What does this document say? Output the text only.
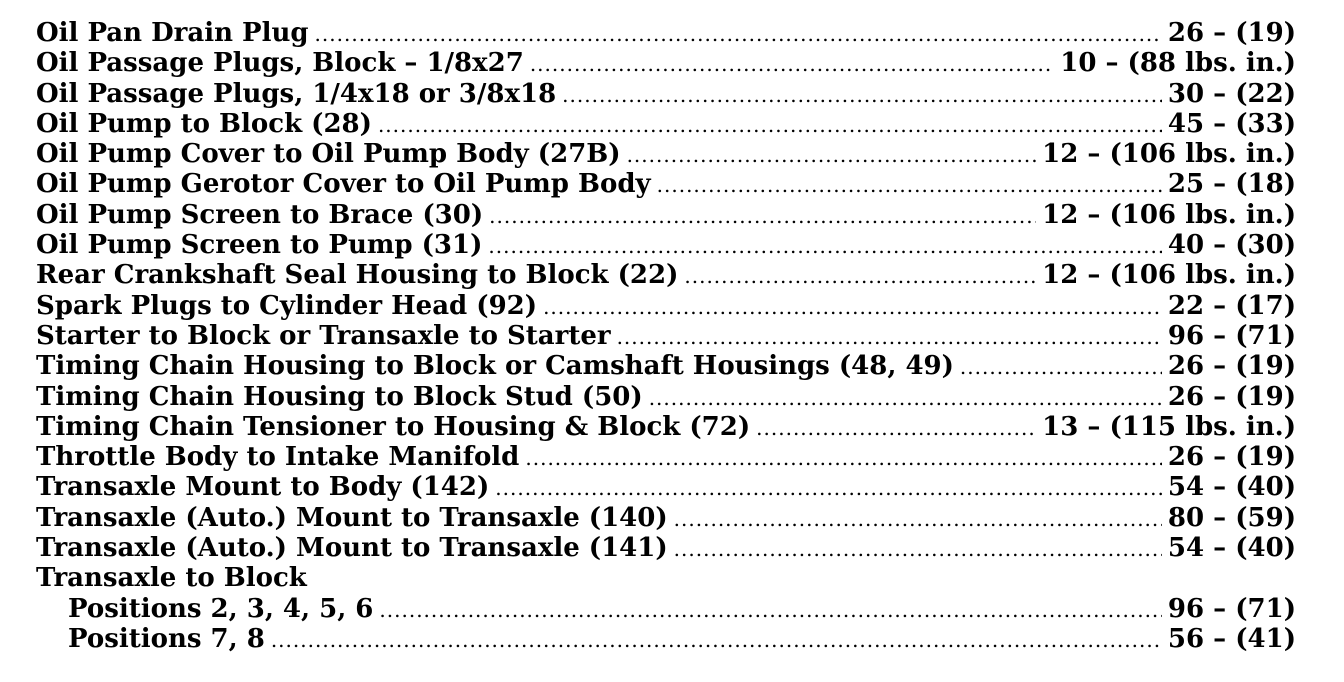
Oil Pan Drain Plug .....	26 – (19)
Oil Passage Plugs, Block – 1/8x27 .....	10 – (88 lbs. in.)
Oil Passage Plugs, 1/4x18 or 3/8x18 .....	30 – (22)
Oil Pump to Block (28) .....	45 – (33)
Oil Pump Cover to Oil Pump Body (27B) .....	12 – (106 lbs. in.)
Oil Pump Gerotor Cover to Oil Pump Body .....	25 – (18)
Oil Pump Screen to Brace (30) .....	12 – (106 lbs. in.)
Oil Pump Screen to Pump (31) .....	40 – (30)
Rear Crankshaft Seal Housing to Block (22) .....	12 – (106 lbs. in.)
Spark Plugs to Cylinder Head (92) .....	22 – (17)
Starter to Block or Transaxle to Starter .....	96 – (71)
Timing Chain Housing to Block or Camshaft Housings (48, 49) .....	26 – (19)
Timing Chain Housing to Block Stud (50) .....	26 – (19)
Timing Chain Tensioner to Housing & Block (72) .....	13 – (115 lbs. in.)
Throttle Body to Intake Manifold .....	26 – (19)
Transaxle Mount to Body (142) .....	54 – (40)
Transaxle (Auto.) Mount to Transaxle (140) .....	80 – (59)
Transaxle (Auto.) Mount to Transaxle (141) .....	54 – (40)
Transaxle to Block
Positions 2, 3, 4, 5, 6 .....	96 – (71)
Positions 7, 8 .....	56 – (41)
